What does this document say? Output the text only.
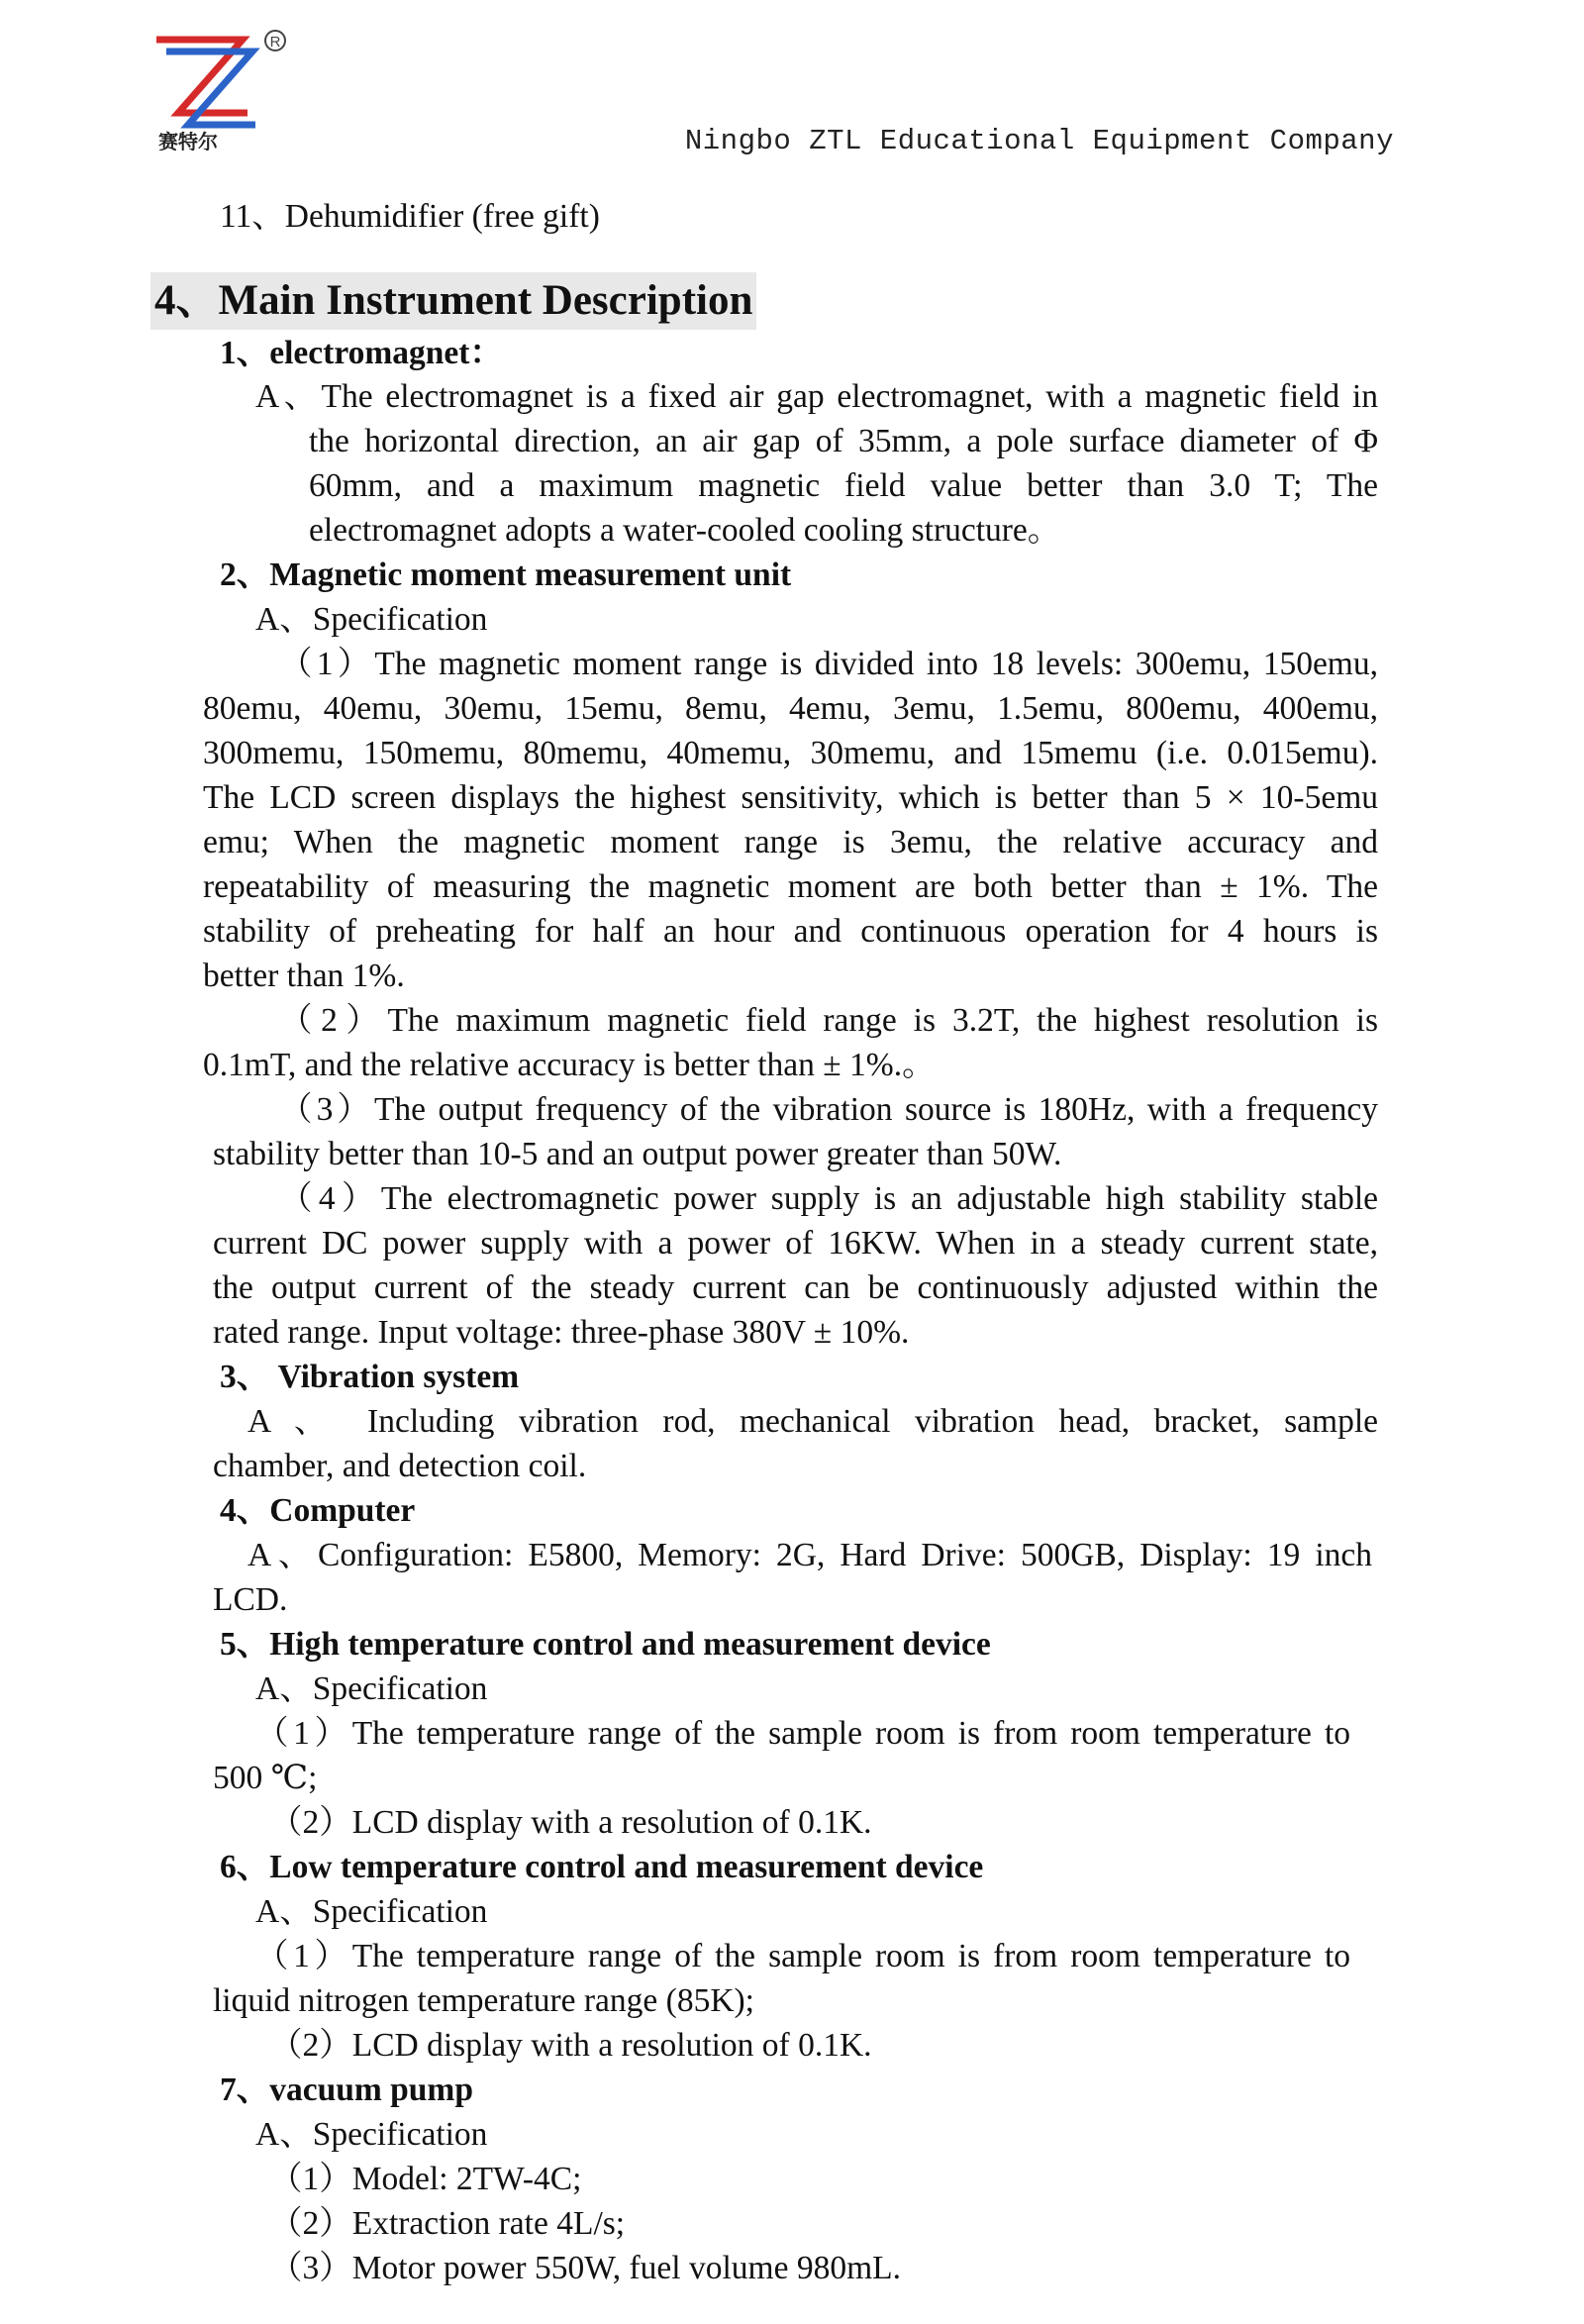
R
赛特尔	Ningbo ZTL Educational Equipment Company
11、Dehumidifier (free gift)
4、Main Instrument Description
1、electromagnet：
A、The electromagnet is a fixed air gap electromagnet, with a magnetic field in
the horizontal direction, an air gap of 35mm, a pole surface diameter of Φ
60mm, and a maximum magnetic field value better than 3.0 T; The
electromagnet adopts a water-cooled cooling structure。
2、Magnetic moment measurement unit
A、Specification
（1）The magnetic moment range is divided into 18 levels: 300emu, 150emu,
80emu, 40emu, 30emu, 15emu, 8emu, 4emu, 3emu, 1.5emu, 800emu, 400emu,
300memu, 150memu, 80memu, 40memu, 30memu, and 15memu (i.e. 0.015emu).
The LCD screen displays the highest sensitivity, which is better than 5 × 10-5emu
emu; When the magnetic moment range is 3emu, the relative accuracy and
repeatability of measuring the magnetic moment are both better than ± 1%. The
stability of preheating for half an hour and continuous operation for 4 hours is
better than 1%.
（2）The maximum magnetic field range is 3.2T, the highest resolution is
0.1mT, and the relative accuracy is better than ± 1%.。
（3）The output frequency of the vibration source is 180Hz, with a frequency
stability better than 10-5 and an output power greater than 50W.
（4）The electromagnetic power supply is an adjustable high stability stable
current DC power supply with a power of 16KW. When in a steady current state,
the output current of the steady current can be continuously adjusted within the
rated range. Input voltage: three-phase 380V ± 10%.
3、 Vibration system
A 、 Including vibration rod, mechanical vibration head, bracket, sample
chamber, and detection coil.
4、Computer
A、Configuration: E5800, Memory: 2G, Hard Drive: 500GB, Display: 19 inch
LCD.
5、High temperature control and measurement device
A、Specification
（1）The temperature range of the sample room is from room temperature to
500 ℃;
（2）LCD display with a resolution of 0.1K.
6、Low temperature control and measurement device
A、Specification
（1）The temperature range of the sample room is from room temperature to
liquid nitrogen temperature range (85K);
（2）LCD display with a resolution of 0.1K.
7、vacuum pump
A、Specification
（1）Model: 2TW-4C;
（2）Extraction rate 4L/s;
（3）Motor power 550W, fuel volume 980mL.
